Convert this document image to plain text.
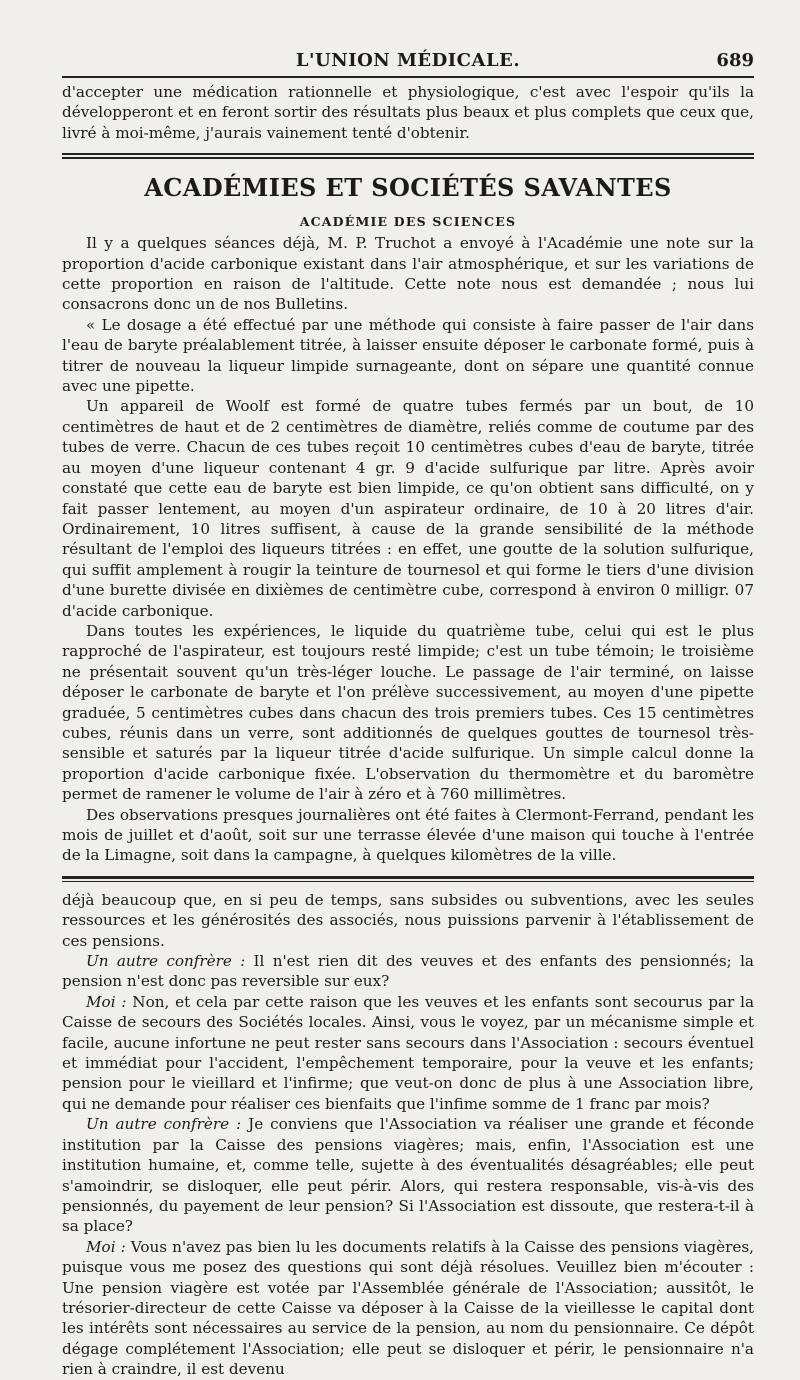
L'UNION MÉDICALE.	689

d'accepter une médication rationnelle et physiologique, c'est avec l'espoir qu'ils la développeront et en feront sortir des résultats plus beaux et plus complets que ceux que, livré à moi-même, j'aurais vainement tenté d'obtenir.

ACADÉMIES ET SOCIÉTÉS SAVANTES
ACADÉMIE DES SCIENCES

Il y a quelques séances déjà, M. P. Truchot a envoyé à l'Académie une note sur la proportion d'acide carbonique existant dans l'air atmosphérique, et sur les variations de cette proportion en raison de l'altitude. Cette note nous est demandée ; nous lui consacrons donc un de nos Bulletins.

« Le dosage a été effectué par une méthode qui consiste à faire passer de l'air dans l'eau de baryte préalablement titrée, à laisser ensuite déposer le carbonate formé, puis à titrer de nouveau la liqueur limpide surnageante, dont on sépare une quantité connue avec une pipette.

Un appareil de Woolf est formé de quatre tubes fermés par un bout, de 10 centimètres de haut et de 2 centimètres de diamètre, reliés comme de coutume par des tubes de verre. Chacun de ces tubes reçoit 10 centimètres cubes d'eau de baryte, titrée au moyen d'une liqueur contenant 4 gr. 9 d'acide sulfurique par litre. Après avoir constaté que cette eau de baryte est bien limpide, ce qu'on obtient sans difficulté, on y fait passer lentement, au moyen d'un aspirateur ordinaire, de 10 à 20 litres d'air. Ordinairement, 10 litres suffisent, à cause de la grande sensibilité de la méthode résultant de l'emploi des liqueurs titrées : en effet, une goutte de la solution sulfurique, qui suffit amplement à rougir la teinture de tournesol et qui forme le tiers d'une division d'une burette divisée en dixièmes de centimètre cube, correspond à environ 0 milligr. 07 d'acide carbonique.

Dans toutes les expériences, le liquide du quatrième tube, celui qui est le plus rapproché de l'aspirateur, est toujours resté limpide; c'est un tube témoin; le troisième ne présentait souvent qu'un très-léger louche. Le passage de l'air terminé, on laisse déposer le carbonate de baryte et l'on prélève successivement, au moyen d'une pipette graduée, 5 centimètres cubes dans chacun des trois premiers tubes. Ces 15 centimètres cubes, réunis dans un verre, sont additionnés de quelques gouttes de tournesol très-sensible et saturés par la liqueur titrée d'acide sulfurique. Un simple calcul donne la proportion d'acide carbonique fixée. L'observation du thermomètre et du baromètre permet de ramener le volume de l'air à zéro et à 760 millimètres.

Des observations presques journalières ont été faites à Clermont-Ferrand, pendant les mois de juillet et d'août, soit sur une terrasse élevée d'une maison qui touche à l'entrée de la Limagne, soit dans la campagne, à quelques kilomètres de la ville.

déjà beaucoup que, en si peu de temps, sans subsides ou subventions, avec les seules ressources et les générosités des associés, nous puissions parvenir à l'établissement de ces pensions.

Un autre confrère : Il n'est rien dit des veuves et des enfants des pensionnés; la pension n'est donc pas reversible sur eux?

Moi : Non, et cela par cette raison que les veuves et les enfants sont secourus par la Caisse de secours des Sociétés locales. Ainsi, vous le voyez, par un mécanisme simple et facile, aucune infortune ne peut rester sans secours dans l'Association : secours éventuel et immédiat pour l'accident, l'empêchement temporaire, pour la veuve et les enfants; pension pour le vieillard et l'infirme; que veut-on donc de plus à une Association libre, qui ne demande pour réaliser ces bienfaits que l'infime somme de 1 franc par mois?

Un autre confrère : Je conviens que l'Association va réaliser une grande et féconde institution par la Caisse des pensions viagères; mais, enfin, l'Association est une institution humaine, et, comme telle, sujette à des éventualités désagréables; elle peut s'amoindrir, se disloquer, elle peut périr. Alors, qui restera responsable, vis-à-vis des pensionnés, du payement de leur pension? Si l'Association est dissoute, que restera-t-il à sa place?

Moi : Vous n'avez pas bien lu les documents relatifs à la Caisse des pensions viagères, puisque vous me posez des questions qui sont déjà résolues. Veuillez bien m'écouter : Une pension viagère est votée par l'Assemblée générale de l'Association; aussitôt, le trésorier-directeur de cette Caisse va déposer à la Caisse de la vieillesse le capital dont les intérêts sont nécessaires au service de la pension, au nom du pensionnaire. Ce dépôt dégage complétement l'Association; elle peut se disloquer et périr, le pensionnaire n'a rien à craindre, il est devenu
